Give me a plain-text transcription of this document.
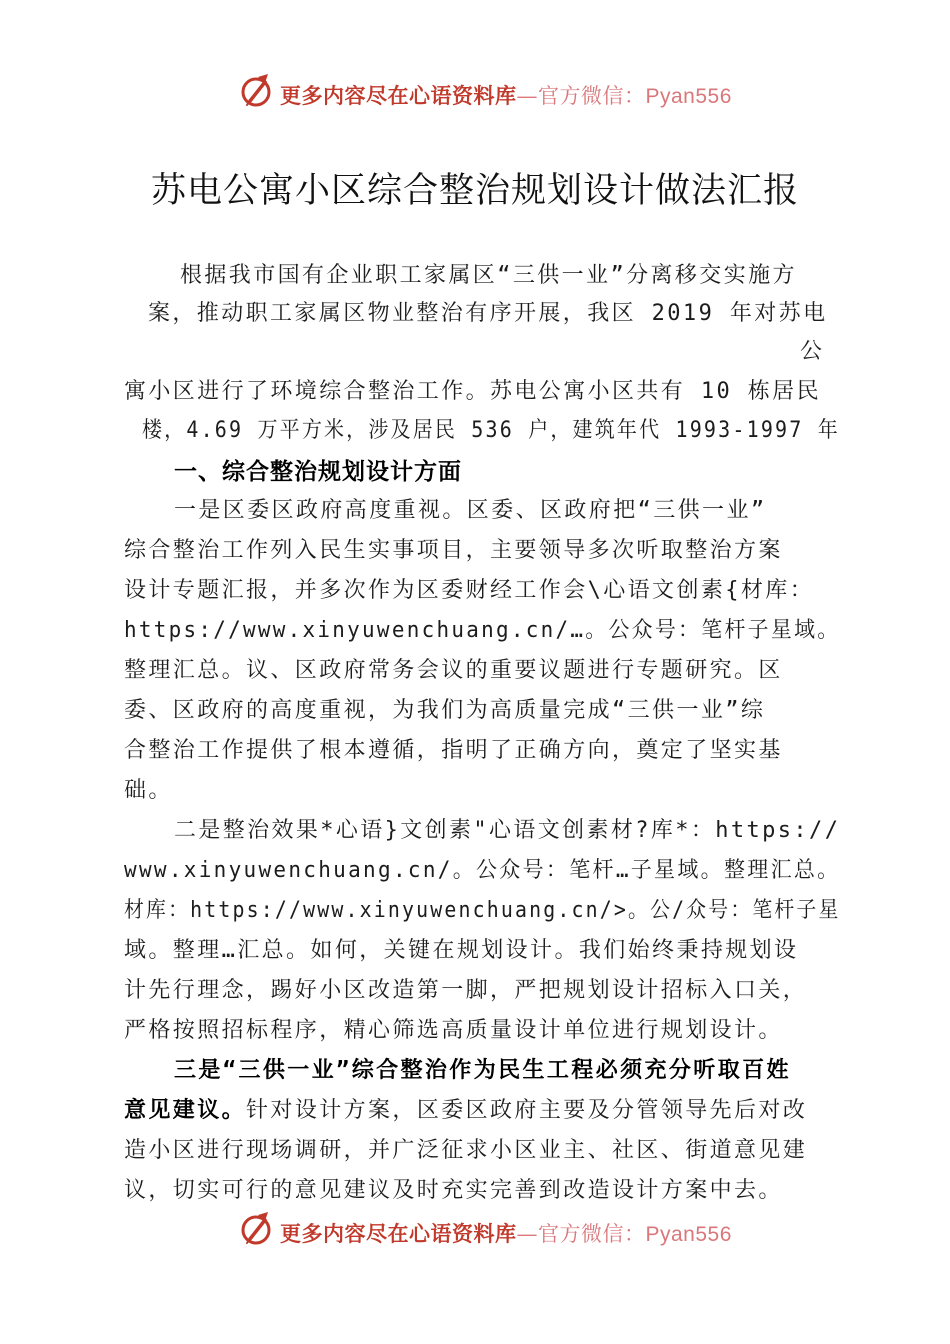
更多内容尽在心语资料库—官方微信：Pyan556
苏电公寓小区综合整治规划设计做法汇报

根据我市国有企业职工家属区“三供一业”分离移交实施方

案，推动职工家属区物业整治有序开展，我区 2019 年对苏电

公

寓小区进行了环境综合整治工作。苏电公寓小区共有 10 栋居民

楼，4.69 万平方米，涉及居民 536 户，建筑年代 1993-1997 年

一、综合整治规划设计方面

一是区委区政府高度重视。区委、区政府把“三供一业”

综合整治工作列入民生实事项目，主要领导多次听取整治方案

设计专题汇报，并多次作为区委财经工作会\心语文创素{材库：

https://www.xinyuwenchuang.cn/…。公众号：笔杆子星域。

整理汇总。议、区政府常务会议的重要议题进行专题研究。区

委、区政府的高度重视，为我们为高质量完成“三供一业”综

合整治工作提供了根本遵循，指明了正确方向，奠定了坚实基

础。

二是整治效果*心语}文创素"心语文创素材?库*：https://

www.xinyuwenchuang.cn/。公众号：笔杆…子星域。整理汇总。

材库：https://www.xinyuwenchuang.cn/>。公/众号：笔杆子星

域。整理…汇总。如何，关键在规划设计。我们始终秉持规划设

计先行理念，踢好小区改造第一脚，严把规划设计招标入口关，

严格按照招标程序，精心筛选高质量设计单位进行规划设计。

三是“三供一业”综合整治作为民生工程必须充分听取百姓

意见建议。针对设计方案，区委区政府主要及分管领导先后对改

造小区进行现场调研，并广泛征求小区业主、社区、街道意见建

议，切实可行的意见建议及时充实完善到改造设计方案中去。

更多内容尽在心语资料库—官方微信：Pyan556
